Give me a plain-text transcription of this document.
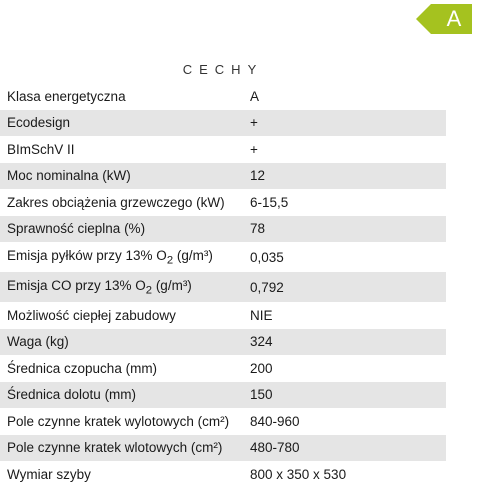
A
CECHY
Klasa energetyczna	A
Ecodesign	+
BImSchV II	+
Moc nominalna (kW)	12
Zakres obciążenia grzewczego (kW)	6-15,5
Sprawność cieplna (%)	78
Emisja pyłków przy 13% $O_2$ (g/m³)	0,035
Emisja CO przy 13% $O_2$ (g/m³)	0,792
Możliwość ciepłej zabudowy	NIE
Waga (kg)	324
Średnica czopucha (mm)	200
Średnica dolotu (mm)	150
Pole czynne kratek wylotowych (cm²)	840-960
Pole czynne kratek wlotowych (cm²)	480-780
Wymiar szyby	800 x 350 x 530
